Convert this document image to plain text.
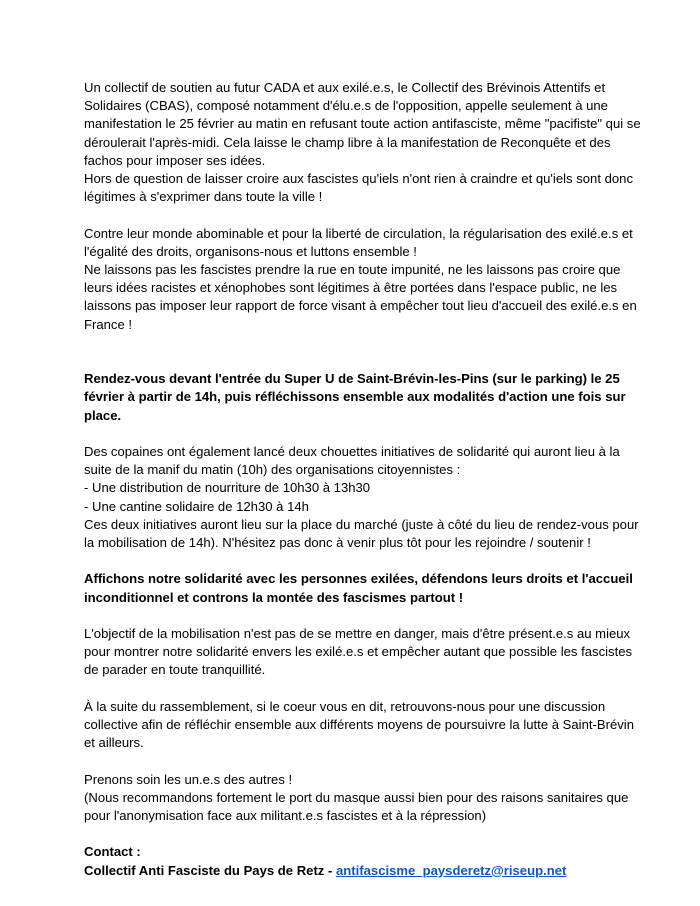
Un collectif de soutien au futur CADA et aux exilé.e.s, le Collectif des Brévinois Attentifs et Solidaires (CBAS), composé notamment d'élu.e.s de l'opposition, appelle seulement à une manifestation le 25 février au matin en refusant toute action antifasciste, même "pacifiste" qui se déroulerait l'après-midi. Cela laisse le champ libre à la manifestation de Reconquête et des fachos pour imposer ses idées.

Hors de question de laisser croire aux fascistes qu'iels n'ont rien à craindre et qu'iels sont donc légitimes à s'exprimer dans toute la ville !

Contre leur monde abominable et pour la liberté de circulation, la régularisation des exilé.e.s et l'égalité des droits, organisons-nous et luttons ensemble !

Ne laissons pas les fascistes prendre la rue en toute impunité, ne les laissons pas croire que leurs idées racistes et xénophobes sont légitimes à être portées dans l'espace public, ne les laissons pas imposer leur rapport de force visant à empêcher tout lieu d'accueil des exilé.e.s en France !

Rendez-vous devant l'entrée du Super U de Saint-Brévin-les-Pins (sur le parking) le 25 février à partir de 14h, puis réfléchissons ensemble aux modalités d'action une fois sur place.

Des copaines ont également lancé deux chouettes initiatives de solidarité qui auront lieu à la suite de la manif du matin (10h) des organisations citoyennistes :

- Une distribution de nourriture de 10h30 à 13h30

- Une cantine solidaire de 12h30 à 14h

Ces deux initiatives auront lieu sur la place du marché (juste à côté du lieu de rendez-vous pour la mobilisation de 14h). N'hésitez pas donc à venir plus tôt pour les rejoindre / soutenir !

Affichons notre solidarité avec les personnes exilées, défendons leurs droits et l'accueil inconditionnel et controns la montée des fascismes partout !

L'objectif de la mobilisation n'est pas de se mettre en danger, mais d'être présent.e.s au mieux pour montrer notre solidarité envers les exilé.e.s et empêcher autant que possible les fascistes de parader en toute tranquillité.

À la suite du rassemblement, si le coeur vous en dit, retrouvons-nous pour une discussion collective afin de réfléchir ensemble aux différents moyens de poursuivre la lutte à Saint-Brévin et ailleurs.

Prenons soin les un.e.s des autres !

(Nous recommandons fortement le port du masque aussi bien pour des raisons sanitaires que pour l'anonymisation face aux militant.e.s fascistes et à la répression)

Contact :

Collectif Anti Fasciste du Pays de Retz - antifascisme_paysderetz@riseup.net
